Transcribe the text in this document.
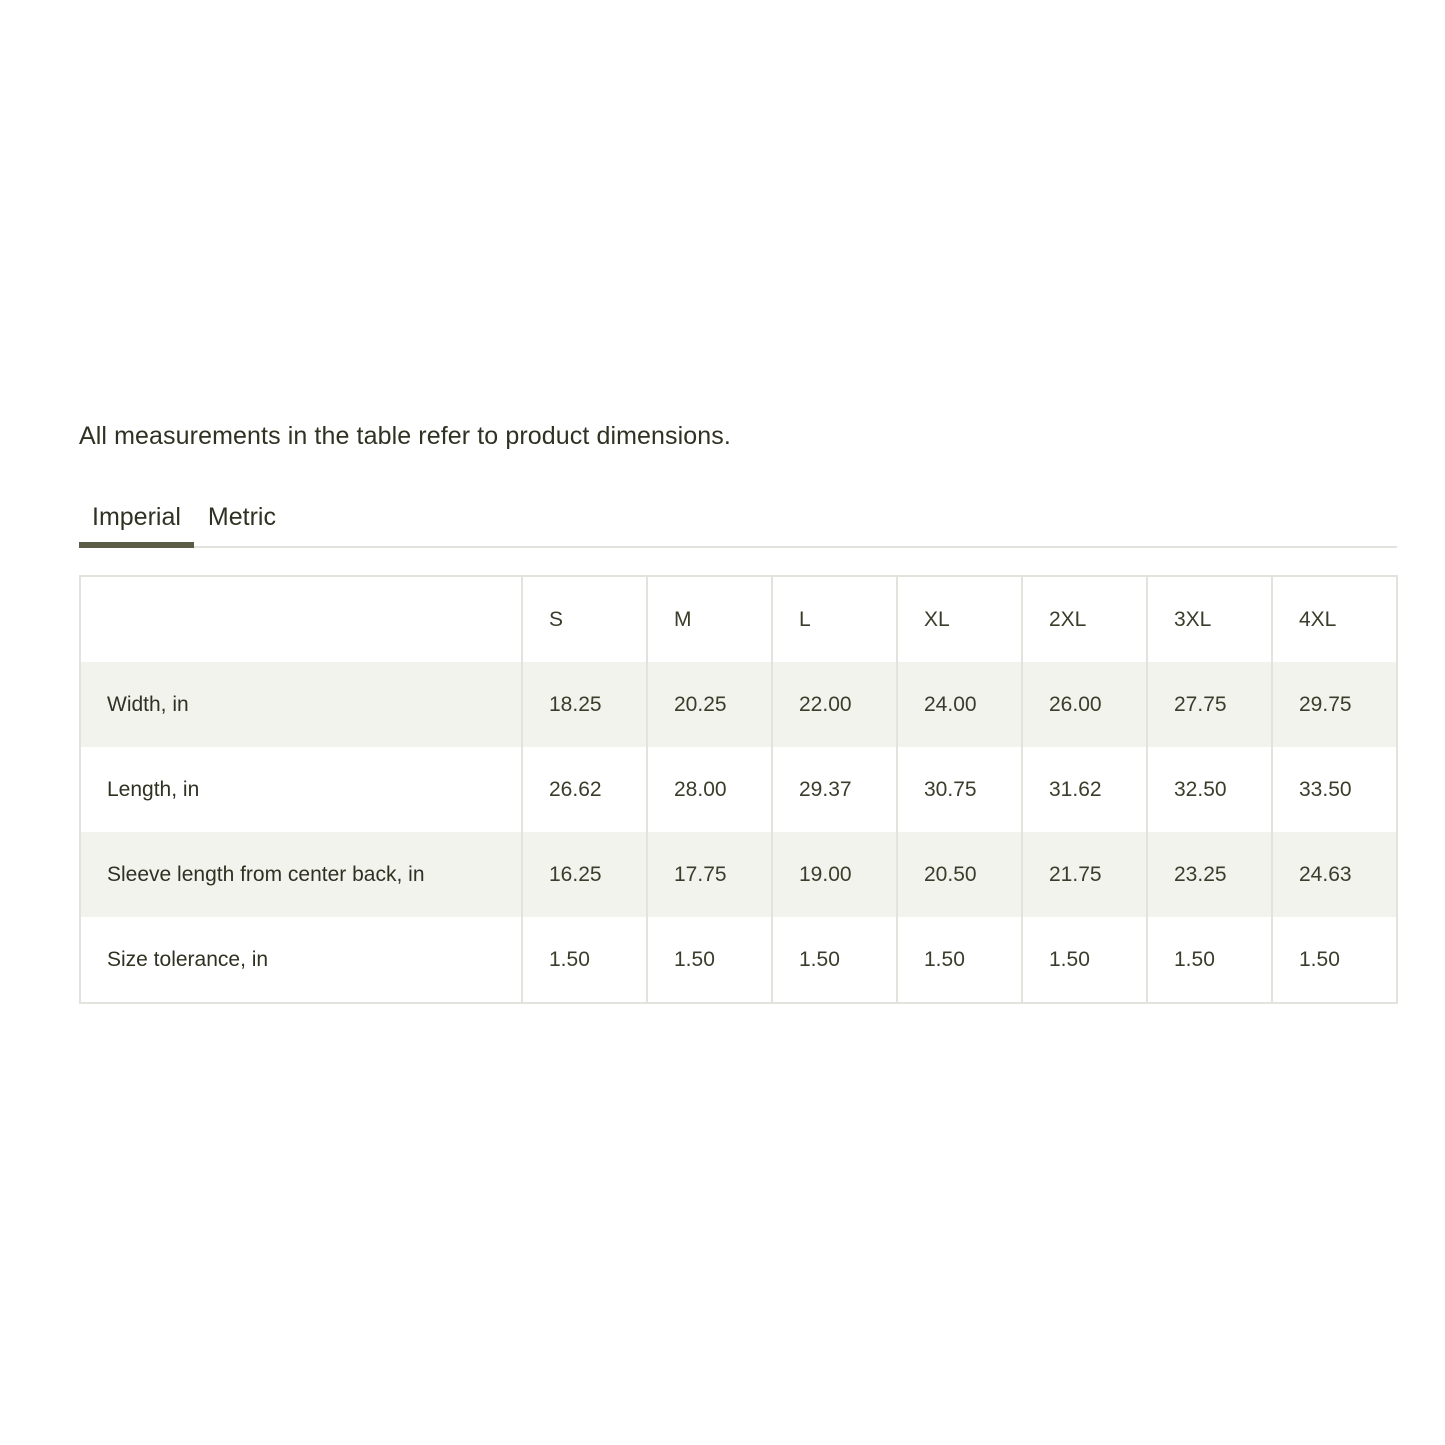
All measurements in the table refer to product dimensions.

Imperial	Metric
	S	M	L	XL	2XL	3XL	4XL
Width, in	18.25	20.25	22.00	24.00	26.00	27.75	29.75
Length, in	26.62	28.00	29.37	30.75	31.62	32.50	33.50
Sleeve length from center back, in	16.25	17.75	19.00	20.50	21.75	23.25	24.63
Size tolerance, in	1.50	1.50	1.50	1.50	1.50	1.50	1.50
